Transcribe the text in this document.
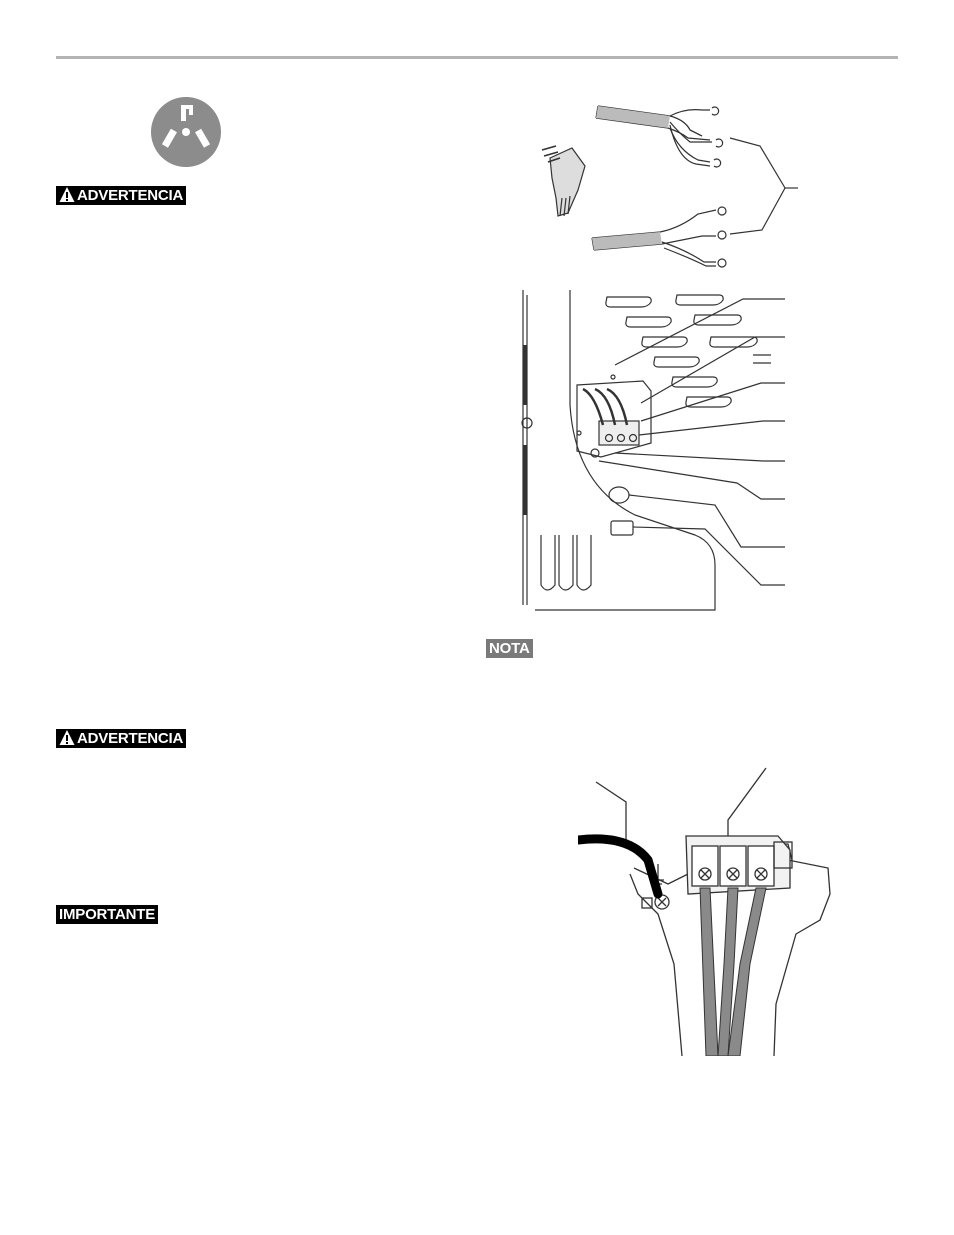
ADVERTENCIA
ADVERTENCIA
IMPORTANTE
NOTA
